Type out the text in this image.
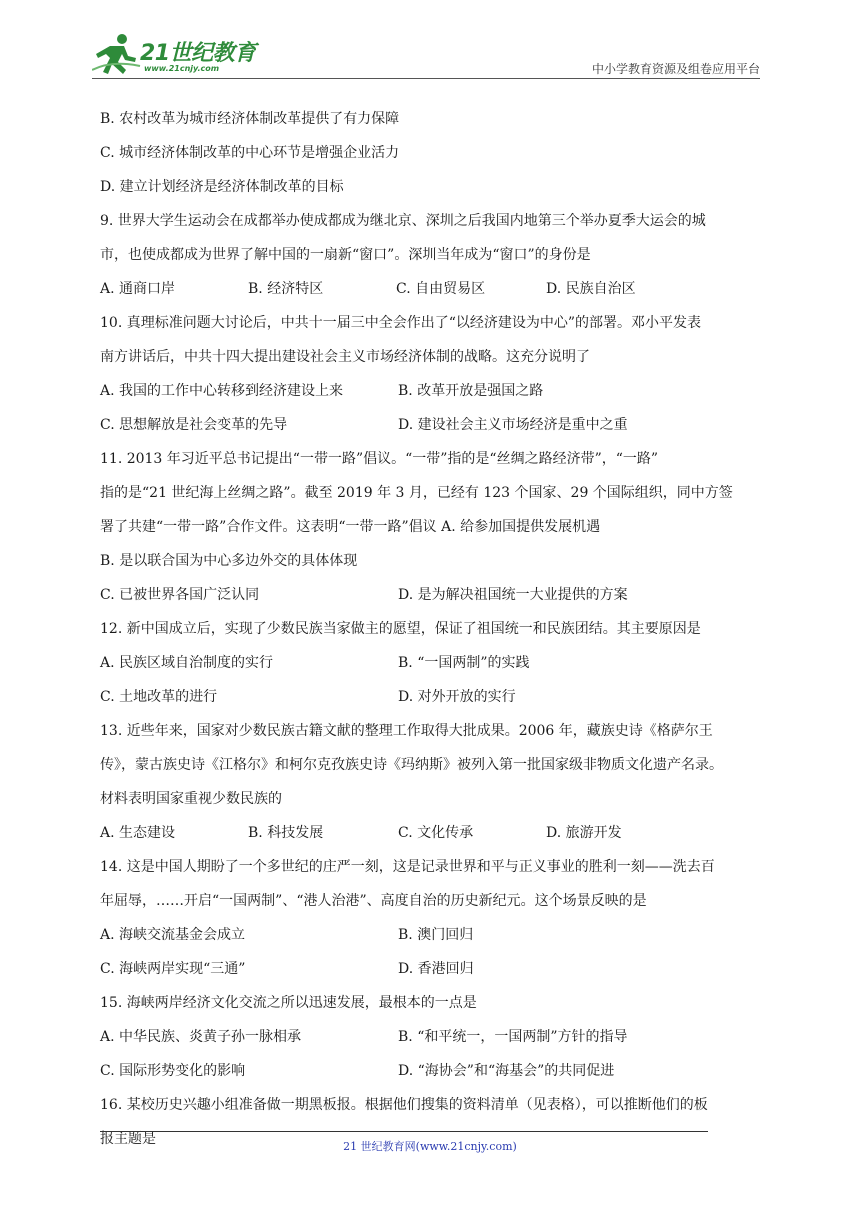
21世纪教育
www.21cnjy.com	中小学教育资源及组卷应用平台
B. 农村改革为城市经济体制改革提供了有力保障
C. 城市经济体制改革的中心环节是增强企业活力
D. 建立计划经济是经济体制改革的目标
9. 世界大学生运动会在成都举办使成都成为继北京、深圳之后我国内地第三个举办夏季大运会的城
市，也使成都成为世界了解中国的一扇新“窗口”。深圳当年成为“窗口”的身份是
A. 通商口岸	B. 经济特区	C. 自由贸易区	D. 民族自治区
10. 真理标准问题大讨论后，中共十一届三中全会作出了“以经济建设为中心”的部署。邓小平发表
南方讲话后，中共十四大提出建设社会主义市场经济体制的战略。这充分说明了
A. 我国的工作中心转移到经济建设上来	B. 改革开放是强国之路
C. 思想解放是社会变革的先导	D. 建设社会主义市场经济是重中之重
11. 2013 年习近平总书记提出“一带一路”倡议。“一带”指的是“丝绸之路经济带”，“一路”
指的是“21 世纪海上丝绸之路”。截至 2019 年 3 月，已经有 123 个国家、29 个国际组织，同中方签
署了共建“一带一路”合作文件。这表明“一带一路”倡议 A. 给参加国提供发展机遇
B. 是以联合国为中心多边外交的具体体现
C. 已被世界各国广泛认同	D. 是为解决祖国统一大业提供的方案
12. 新中国成立后，实现了少数民族当家做主的愿望，保证了祖国统一和民族团结。其主要原因是
A. 民族区域自治制度的实行	B. “一国两制”的实践
C. 土地改革的进行	D. 对外开放的实行
13. 近些年来，国家对少数民族古籍文献的整理工作取得大批成果。2006 年，藏族史诗《格萨尔王
传》，蒙古族史诗《江格尔》和柯尔克孜族史诗《玛纳斯》被列入第一批国家级非物质文化遗产名录。
材料表明国家重视少数民族的
A. 生态建设	B. 科技发展	C. 文化传承	D. 旅游开发
14. 这是中国人期盼了一个多世纪的庄严一刻，这是记录世界和平与正义事业的胜利一刻——洗去百
年屈辱，……开启“一国两制”、“港人治港”、高度自治的历史新纪元。这个场景反映的是
A. 海峡交流基金会成立	B. 澳门回归
C. 海峡两岸实现“三通”	D. 香港回归
15. 海峡两岸经济文化交流之所以迅速发展，最根本的一点是
A. 中华民族、炎黄子孙一脉相承	B. “和平统一，一国两制”方针的指导
C. 国际形势变化的影响	D. “海协会”和“海基会”的共同促进
16. 某校历史兴趣小组准备做一期黑板报。根据他们搜集的资料清单（见表格），可以推断他们的板
报主题是	21 世纪教育网(www.21cnjy.com)
